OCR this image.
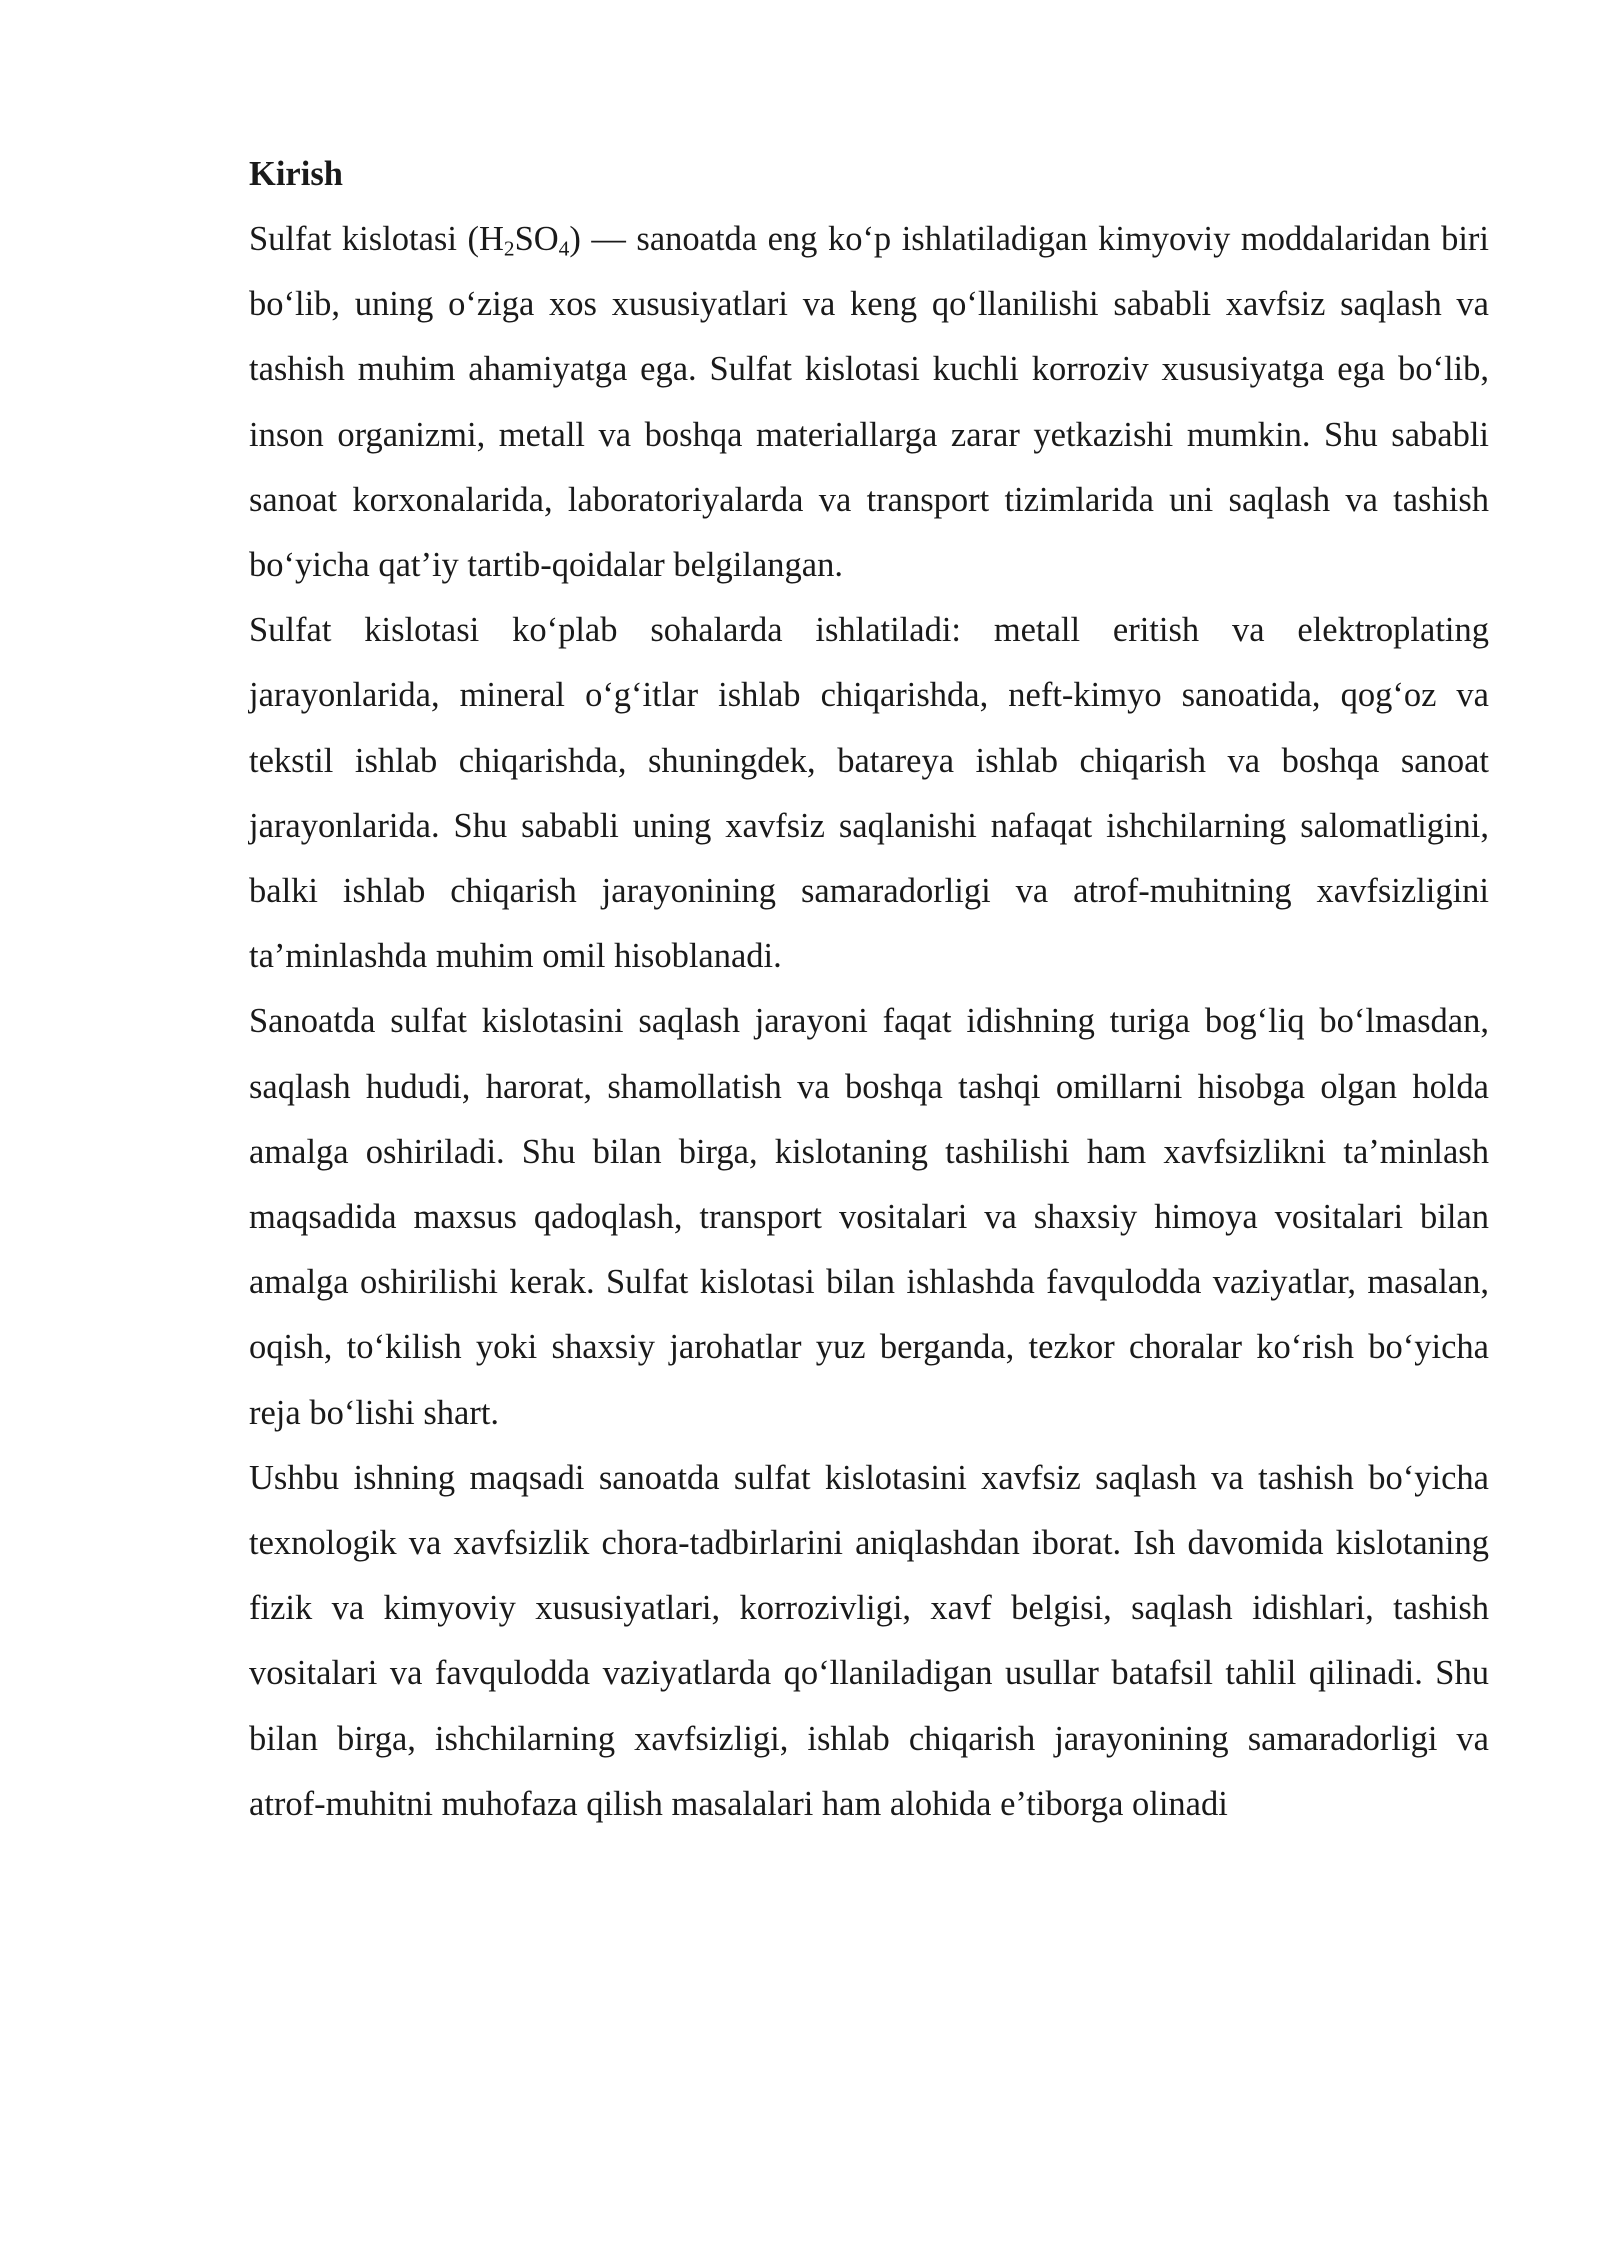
Kirish

Sulfat kislotasi $(H_2SO_4)$ — sanoatda eng ko‘p ishlatiladigan kimyoviy moddalaridan biri bo‘lib, uning o‘ziga xos xususiyatlari va keng qo‘llanilishi sababli xavfsiz saqlash va tashish muhim ahamiyatga ega. Sulfat kislotasi kuchli korroziv xususiyatga ega bo‘lib, inson organizmi, metall va boshqa materiallarga zarar yetkazishi mumkin. Shu sababli sanoat korxonalarida, laboratoriyalarda va transport tizimlarida uni saqlash va tashish bo‘yicha qat’iy tartib-qoidalar belgilangan.

Sulfat kislotasi ko‘plab sohalarda ishlatiladi: metall eritish va elektroplating jarayonlarida, mineral o‘g‘itlar ishlab chiqarishda, neft-kimyo sanoatida, qog‘oz va tekstil ishlab chiqarishda, shuningdek, batareya ishlab chiqarish va boshqa sanoat jarayonlarida. Shu sababli uning xavfsiz saqlanishi nafaqat ishchilarning salomatligini, balki ishlab chiqarish jarayonining samaradorligi va atrof-muhitning xavfsizligini ta’minlashda muhim omil hisoblanadi.

Sanoatda sulfat kislotasini saqlash jarayoni faqat idishning turiga bog‘liq bo‘lmasdan, saqlash hududi, harorat, shamollatish va boshqa tashqi omillarni hisobga olgan holda amalga oshiriladi. Shu bilan birga, kislotaning tashilishi ham xavfsizlikni ta’minlash maqsadida maxsus qadoqlash, transport vositalari va shaxsiy himoya vositalari bilan amalga oshirilishi kerak. Sulfat kislotasi bilan ishlashda favqulodda vaziyatlar, masalan, oqish, to‘kilish yoki shaxsiy jarohatlar yuz berganda, tezkor choralar ko‘rish bo‘yicha reja bo‘lishi shart.

Ushbu ishning maqsadi sanoatda sulfat kislotasini xavfsiz saqlash va tashish bo‘yicha texnologik va xavfsizlik chora-tadbirlarini aniqlashdan iborat. Ish davomida kislotaning fizik va kimyoviy xususiyatlari, korrozivligi, xavf belgisi, saqlash idishlari, tashish vositalari va favqulodda vaziyatlarda qo‘llaniladigan usullar batafsil tahlil qilinadi. Shu bilan birga, ishchilarning xavfsizligi, ishlab chiqarish jarayonining samaradorligi va atrof-muhitni muhofaza qilish masalalari ham alohida e’tiborga olinadi
